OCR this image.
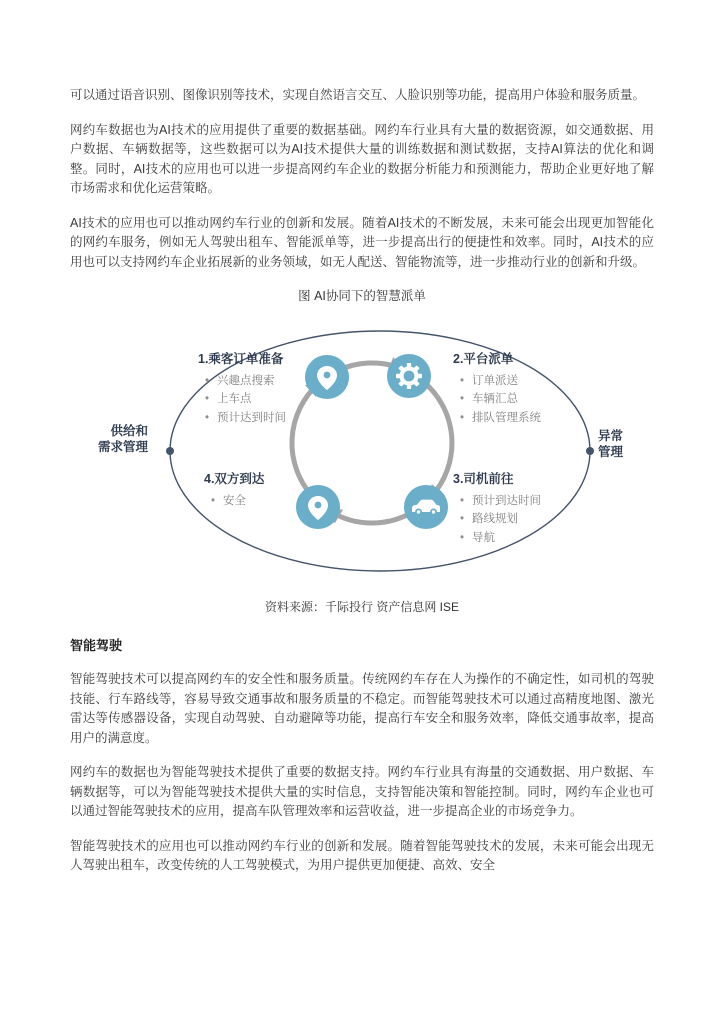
可以通过语音识别、图像识别等技术，实现自然语言交互、人脸识别等功能，提高用户体验和服务质量。

网约车数据也为AI技术的应用提供了重要的数据基础。网约车行业具有大量的数据资源，如交通数据、用户数据、车辆数据等，这些数据可以为AI技术提供大量的训练数据和测试数据，支持AI算法的优化和调整。同时，AI技术的应用也可以进一步提高网约车企业的数据分析能力和预测能力，帮助企业更好地了解市场需求和优化运营策略。

AI技术的应用也可以推动网约车行业的创新和发展。随着AI技术的不断发展，未来可能会出现更加智能化的网约车服务，例如无人驾驶出租车、智能派单等，进一步提高出行的便捷性和效率。同时，AI技术的应用也可以支持网约车企业拓展新的业务领域，如无人配送、智能物流等，进一步推动行业的创新和升级。

图 AI协同下的智慧派单
供给和
需求管理
异常
管理
1.乘客订单准备
• 兴趣点搜索
• 上车点
• 预计达到时间
2.平台派单
• 订单派送
• 车辆汇总
• 排队管理系统
3.司机前往
• 预计到达时间
• 路线规划
• 导航
4.双方到达
• 安全
资料来源：千际投行 资产信息网 ISE
智能驾驶

智能驾驶技术可以提高网约车的安全性和服务质量。传统网约车存在人为操作的不确定性，如司机的驾驶技能、行车路线等，容易导致交通事故和服务质量的不稳定。而智能驾驶技术可以通过高精度地图、激光雷达等传感器设备，实现自动驾驶、自动避障等功能，提高行车安全和服务效率，降低交通事故率，提高用户的满意度。

网约车的数据也为智能驾驶技术提供了重要的数据支持。网约车行业具有海量的交通数据、用户数据、车辆数据等，可以为智能驾驶技术提供大量的实时信息，支持智能决策和智能控制。同时，网约车企业也可以通过智能驾驶技术的应用，提高车队管理效率和运营收益，进一步提高企业的市场竞争力。

智能驾驶技术的应用也可以推动网约车行业的创新和发展。随着智能驾驶技术的发展，未来可能会出现无人驾驶出租车，改变传统的人工驾驶模式，为用户提供更加便捷、高效、安全
